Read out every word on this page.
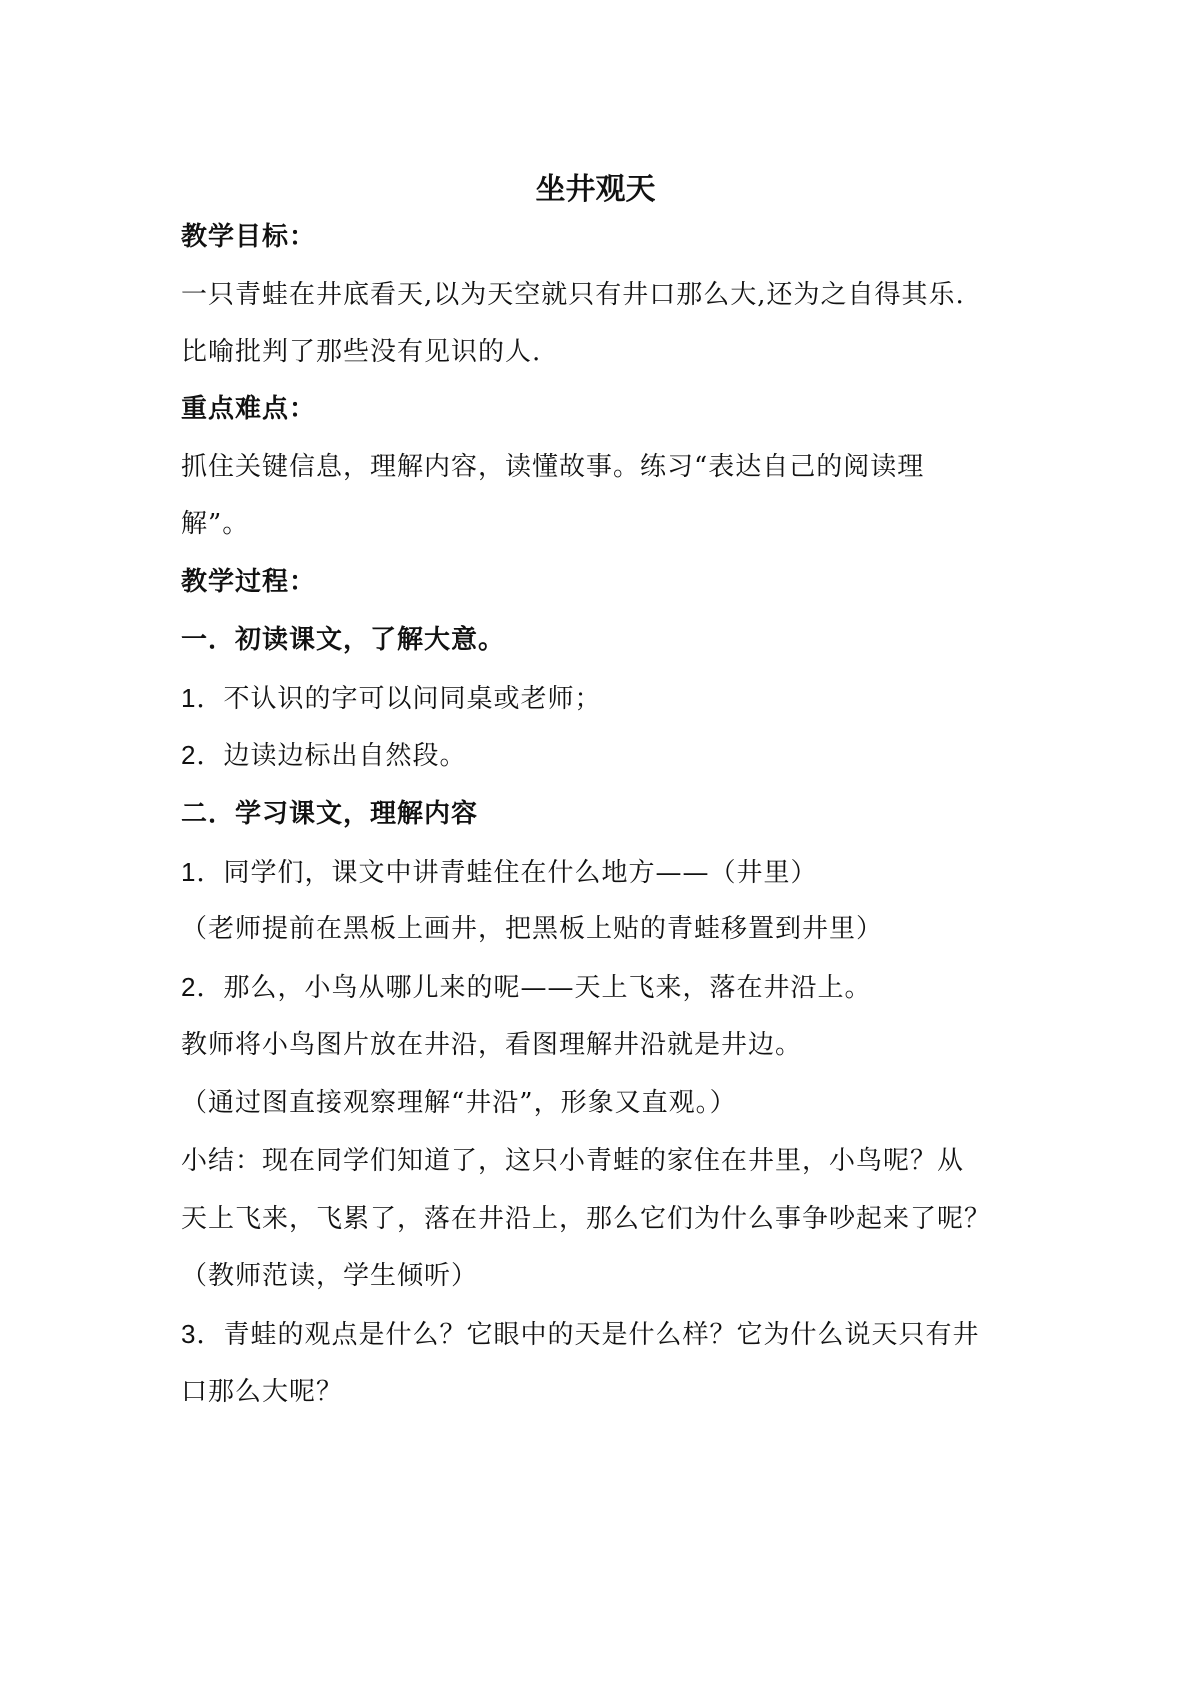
坐井观天
教学目标：
一只青蛙在井底看天,以为天空就只有井口那么大,还为之自得其乐.
比喻批判了那些没有见识的人.
重点难点：
抓住关键信息，理解内容，读懂故事。练习“表达自己的阅读理
解”。
教学过程：
一．初读课文，了解大意。
1．不认识的字可以问同桌或老师；
2．边读边标出自然段。
二．学习课文，理解内容
1．同学们，课文中讲青蛙住在什么地方——（井里）
（老师提前在黑板上画井，把黑板上贴的青蛙移置到井里）
2．那么，小鸟从哪儿来的呢——天上飞来，落在井沿上。
教师将小鸟图片放在井沿，看图理解井沿就是井边。
（通过图直接观察理解“井沿”，形象又直观。）
小结：现在同学们知道了，这只小青蛙的家住在井里，小鸟呢？从
天上飞来，飞累了，落在井沿上，那么它们为什么事争吵起来了呢？
（教师范读，学生倾听）
3．青蛙的观点是什么？它眼中的天是什么样？它为什么说天只有井
口那么大呢？
